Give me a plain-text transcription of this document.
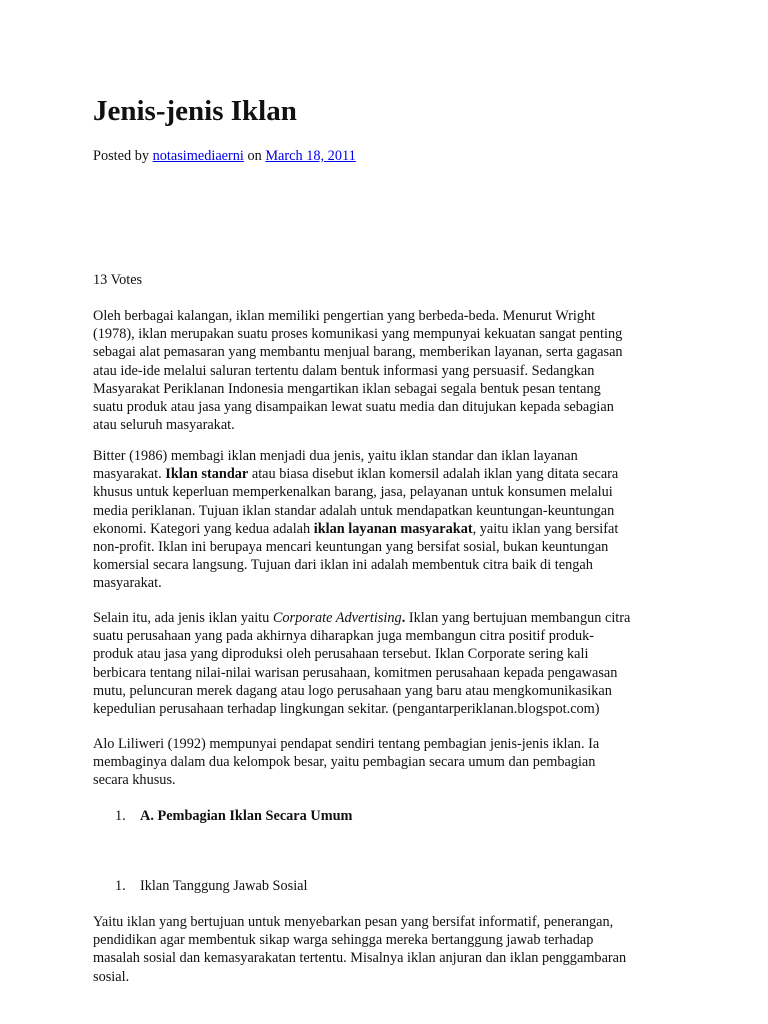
Jenis-jenis Iklan
Posted by notasimediaerni on March 18, 2011
13 Votes

Oleh berbagai kalangan, iklan memiliki pengertian yang berbeda-beda. Menurut Wright
(1978), iklan merupakan suatu proses komunikasi yang mempunyai kekuatan sangat penting
sebagai alat pemasaran yang membantu menjual barang, memberikan layanan, serta gagasan
atau ide-ide melalui saluran tertentu dalam bentuk informasi yang persuasif. Sedangkan
Masyarakat Periklanan Indonesia mengartikan iklan sebagai segala bentuk pesan tentang
suatu produk atau jasa yang disampaikan lewat suatu media dan ditujukan kepada sebagian
atau seluruh masyarakat.

Bitter (1986) membagi iklan menjadi dua jenis, yaitu iklan standar dan iklan layanan
masyarakat. Iklan standar atau biasa disebut iklan komersil adalah iklan yang ditata secara
khusus untuk keperluan memperkenalkan barang, jasa, pelayanan untuk konsumen melalui
media periklanan. Tujuan iklan standar adalah untuk mendapatkan keuntungan-keuntungan
ekonomi. Kategori yang kedua adalah iklan layanan masyarakat, yaitu iklan yang bersifat
non-profit. Iklan ini berupaya mencari keuntungan yang bersifat sosial, bukan keuntungan
komersial secara langsung. Tujuan dari iklan ini adalah membentuk citra baik di tengah
masyarakat.

Selain itu, ada jenis iklan yaitu Corporate Advertising. Iklan yang bertujuan membangun citra
suatu perusahaan yang pada akhirnya diharapkan juga membangun citra positif produk-
produk atau jasa yang diproduksi oleh perusahaan tersebut. Iklan Corporate sering kali
berbicara tentang nilai-nilai warisan perusahaan, komitmen perusahaan kepada pengawasan
mutu, peluncuran merek dagang atau logo perusahaan yang baru atau mengkomunikasikan
kepedulian perusahaan terhadap lingkungan sekitar. (pengantarperiklanan.blogspot.com)

Alo Liliweri (1992) mempunyai pendapat sendiri tentang pembagian jenis-jenis iklan. Ia
membaginya dalam dua kelompok besar, yaitu pembagian secara umum dan pembagian
secara khusus.

1. A. Pembagian Iklan Secara Umum
1. Iklan Tanggung Jawab Sosial

Yaitu iklan yang bertujuan untuk menyebarkan pesan yang bersifat informatif, penerangan,
pendidikan agar membentuk sikap warga sehingga mereka bertanggung jawab terhadap
masalah sosial dan kemasyarakatan tertentu. Misalnya iklan anjuran dan iklan penggambaran
sosial.
